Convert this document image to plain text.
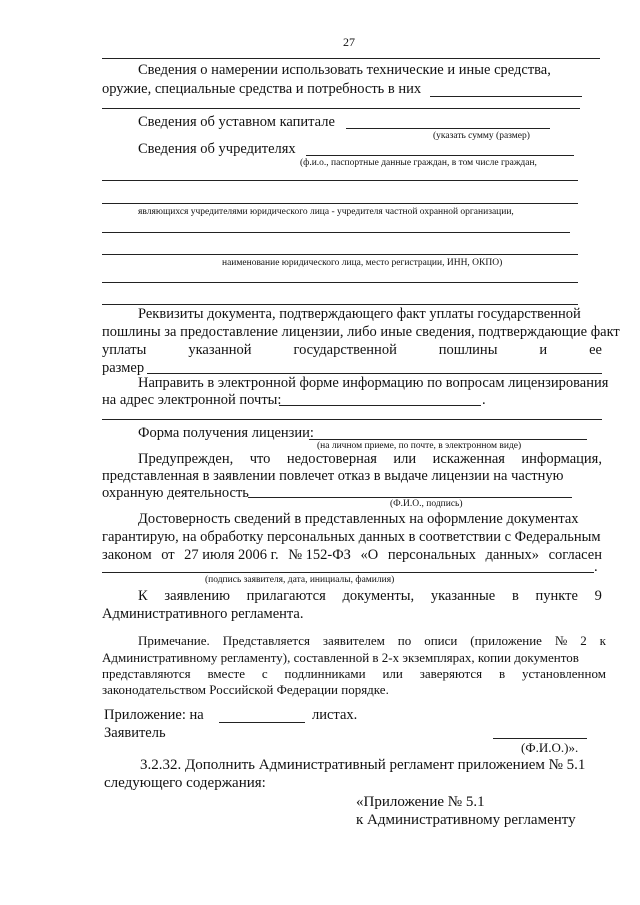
27
Сведения о намерении использовать технические и иные средства,
оружие, специальные средства и потребность в них
Сведения об уставном капитале
(указать сумму (размер)
Сведения об учредителях
(ф.и.о., паспортные данные граждан, в том числе граждан,
являющихся учредителями юридического лица - учредителя частной охранной организации,
наименование юридического лица, место регистрации, ИНН, ОКПО)
Реквизиты документа, подтверждающего факт уплаты государственной
пошлины за предоставление лицензии, либо иные сведения, подтверждающие факт
уплаты	указанной	государственной	пошлины	и	ее
размер
Направить в электронной форме информацию по вопросам лицензирования
на адрес электронной почты:	.
Форма получения лицензии:
(на личном приеме, по почте, в электронном виде)
Предупрежден, что недостоверная или искаженная информация,
представленная в заявлении повлечет отказ в выдаче лицензии на частную
охранную деятельность
(Ф.И.О., подпись)
Достоверность сведений в представленных на оформление документах
гарантирую, на обработку персональных данных в соответствии с Федеральным
законом от 27 июля 2006 г. № 152-ФЗ «О персональных данных» согласен
.
(подпись заявителя, дата, инициалы, фамилия)
К заявлению прилагаются документы, указанные в пункте 9
Административного регламента.
Примечание. Представляется заявителем по описи (приложение № 2 к
Административному регламенту), составленной в 2-х экземплярах, копии документов
представляются вместе с подлинниками или заверяются в установленном
законодательством Российской Федерации порядке.
Приложение: на	листах.
Заявитель
(Ф.И.О.)».
3.2.32. Дополнить Административный регламент приложением № 5.1
следующего содержания:
«Приложение № 5.1
к Административному регламенту
